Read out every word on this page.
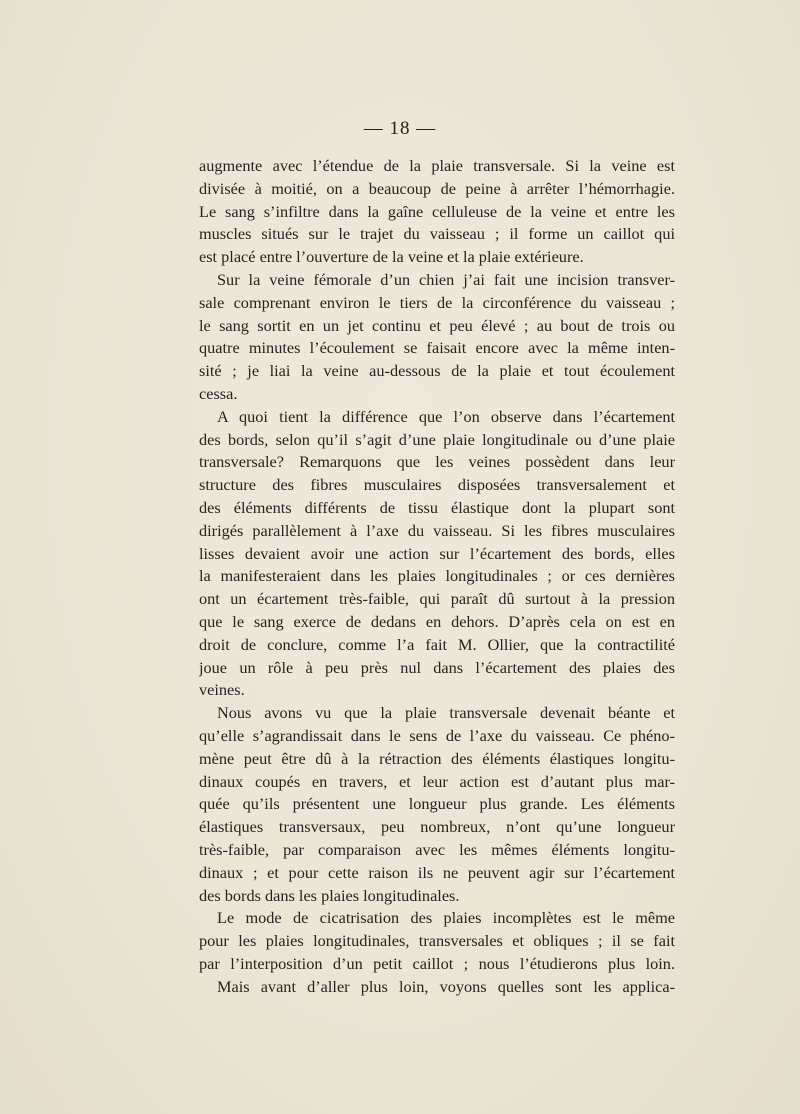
— 18 —
augmente avec l’étendue de la plaie transversale. Si la veine est
divisée à moitié, on a beaucoup de peine à arrêter l’hémorrhagie.
Le sang s’infiltre dans la gaîne celluleuse de la veine et entre les
muscles situés sur le trajet du vaisseau ; il forme un caillot qui
est placé entre l’ouverture de la veine et la plaie extérieure.
Sur la veine fémorale d’un chien j’ai fait une incision transver-
sale comprenant environ le tiers de la circonférence du vaisseau ;
le sang sortit en un jet continu et peu élevé ; au bout de trois ou
quatre minutes l’écoulement se faisait encore avec la même inten-
sité ; je liai la veine au-dessous de la plaie et tout écoulement
cessa.
A quoi tient la différence que l’on observe dans l’écartement
des bords, selon qu’il s’agit d’une plaie longitudinale ou d’une plaie
transversale? Remarquons que les veines possèdent dans leur
structure des fibres musculaires disposées transversalement et
des éléments différents de tissu élastique dont la plupart sont
dirigés parallèlement à l’axe du vaisseau. Si les fibres musculaires
lisses devaient avoir une action sur l’écartement des bords, elles
la manifesteraient dans les plaies longitudinales ; or ces dernières
ont un écartement très-faible, qui paraît dû surtout à la pression
que le sang exerce de dedans en dehors. D’après cela on est en
droit de conclure, comme l’a fait M. Ollier, que la contractilité
joue un rôle à peu près nul dans l’écartement des plaies des
veines.
Nous avons vu que la plaie transversale devenait béante et
qu’elle s’agrandissait dans le sens de l’axe du vaisseau. Ce phéno-
mène peut être dû à la rétraction des éléments élastiques longitu-
dinaux coupés en travers, et leur action est d’autant plus mar-
quée qu’ils présentent une longueur plus grande. Les éléments
élastiques transversaux, peu nombreux, n’ont qu’une longueur
très-faible, par comparaison avec les mêmes éléments longitu-
dinaux ; et pour cette raison ils ne peuvent agir sur l’écartement
des bords dans les plaies longitudinales.
Le mode de cicatrisation des plaies incomplètes est le même
pour les plaies longitudinales, transversales et obliques ; il se fait
par l’interposition d’un petit caillot ; nous l’étudierons plus loin.
Mais avant d’aller plus loin, voyons quelles sont les applica-
